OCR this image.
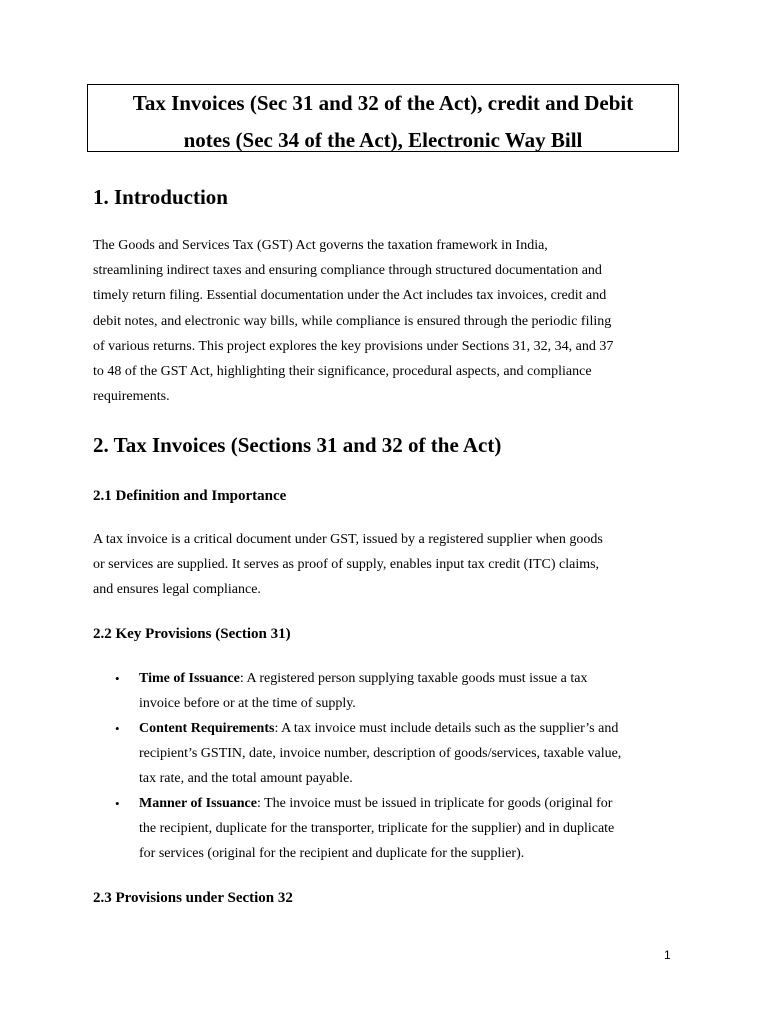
Tax Invoices (Sec 31 and 32 of the Act), credit and Debit
notes (Sec 34 of the Act), Electronic Way Bill
1. Introduction

The Goods and Services Tax (GST) Act governs the taxation framework in India,
streamlining indirect taxes and ensuring compliance through structured documentation and
timely return filing. Essential documentation under the Act includes tax invoices, credit and
debit notes, and electronic way bills, while compliance is ensured through the periodic filing
of various returns. This project explores the key provisions under Sections 31, 32, 34, and 37
to 48 of the GST Act, highlighting their significance, procedural aspects, and compliance
requirements.

2. Tax Invoices (Sections 31 and 32 of the Act)
2.1 Definition and Importance

A tax invoice is a critical document under GST, issued by a registered supplier when goods
or services are supplied. It serves as proof of supply, enables input tax credit (ITC) claims,
and ensures legal compliance.

2.2 Key Provisions (Section 31)
• Time of Issuance: A registered person supplying taxable goods must issue a tax
invoice before or at the time of supply.
• Content Requirements: A tax invoice must include details such as the supplier’s and
recipient’s GSTIN, date, invoice number, description of goods/services, taxable value,
tax rate, and the total amount payable.
• Manner of Issuance: The invoice must be issued in triplicate for goods (original for
the recipient, duplicate for the transporter, triplicate for the supplier) and in duplicate
for services (original for the recipient and duplicate for the supplier).
2.3 Provisions under Section 32
1
